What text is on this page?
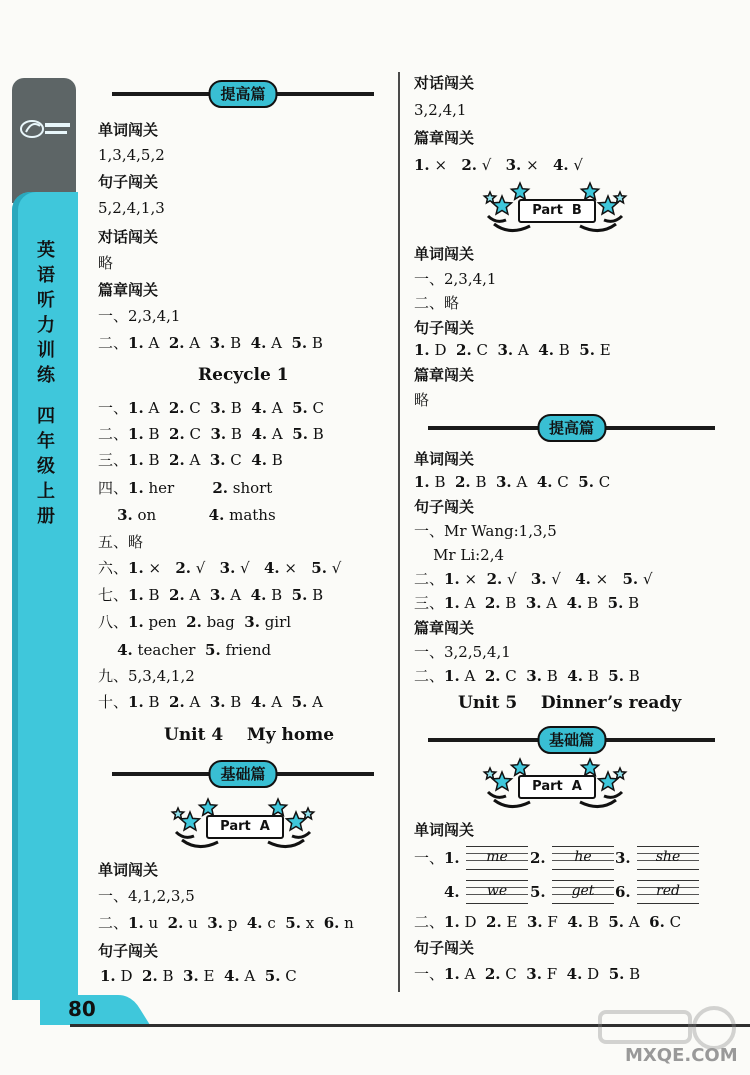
英
语
听
力
训
练
四
年
级
上
册
80
提高篇
单词闯关
1,3,4,5,2
句子闯关
5,2,4,1,3
对话闯关
略
篇章闯关
一、2,3,4,1
二、1. A  2. A  3. B  4. A  5. B
Recycle 1
一、1. A  2. C  3. B  4. A  5. C
二、1. B  2. C  3. B  4. A  5. B
三、1. B  2. A  3. C  4. B
四、1. her        2. short
3. on           4. maths
五、略
六、1. ×   2. √   3. √   4. ×   5. √
七、1. B  2. A  3. A  4. B  5. B
八、1. pen  2. bag  3. girl
4. teacher  5. friend
九、5,3,4,1,2
十、1. B  2. A  3. B  4. A  5. A
Unit 4    My home
基础篇
Part  A
单词闯关
一、4,1,2,3,5
二、1. u  2. u  3. p  4. c  5. x  6. n
句子闯关
1. D  2. B  3. E  4. A  5. C
对话闯关
3,2,4,1
篇章闯关
1. ×   2. √   3. ×   4. √
Part  B
单词闯关
一、2,3,4,1
二、略
句子闯关
1. D  2. C  3. A  4. B  5. E
篇章闯关
略
提高篇
单词闯关
1. B  2. B  3. A  4. C  5. C
句子闯关
一、Mr Wang:1,3,5
Mr Li:2,4
二、1. ×  2. √   3. √   4. ×   5. √
三、1. A  2. B  3. A  4. B  5. B
篇章闯关
一、3,2,5,4,1
二、1. A  2. C  3. B  4. B  5. B
Unit 5    Dinner’s ready
基础篇
Part  A
单词闯关
一、 1.	me	2.	he	3.	she
4.	we	5.	get	6.	red
二、1. D  2. E  3. F  4. B  5. A  6. C
句子闯关
一、1. A  2. C  3. F  4. D  5. B
MXQE.COM
